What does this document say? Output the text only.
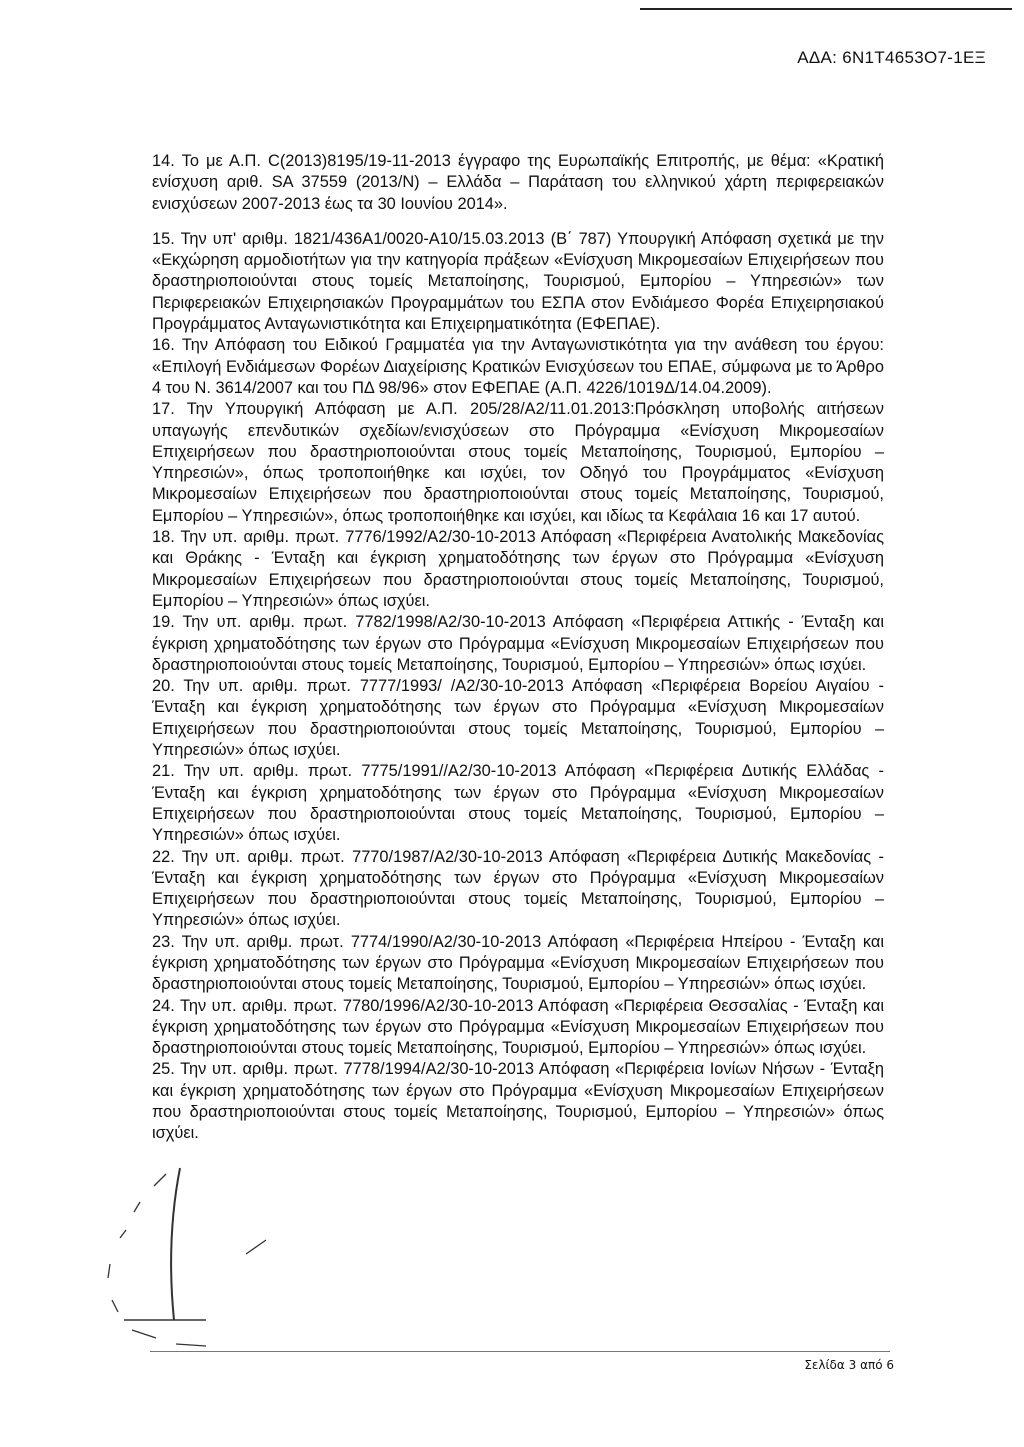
ΑΔΑ: 6Ν1Τ4653Ο7-1ΕΞ

14. Το με Α.Π. C(2013)8195/19-11-2013 έγγραφο της Ευρωπαϊκής Επιτροπής, με θέμα: «Κρατική ενίσχυση αριθ. SA 37559 (2013/N) – Ελλάδα – Παράταση του ελληνικού χάρτη περιφερειακών ενισχύσεων 2007-2013 έως τα 30 Ιουνίου 2014».

15. Την υπ' αριθμ. 1821/436Α1/0020-Α10/15.03.2013 (Β΄ 787) Υπουργική Απόφαση σχετικά με την «Εκχώρηση αρμοδιοτήτων για την κατηγορία πράξεων «Ενίσχυση Μικρομεσαίων Επιχειρήσεων που δραστηριοποιούνται στους τομείς Μεταποίησης, Τουρισμού, Εμπορίου – Υπηρεσιών» των Περιφερειακών Επιχειρησιακών Προγραμμάτων του ΕΣΠΑ στον Ενδιάμεσο Φορέα Επιχειρησιακού Προγράμματος Ανταγωνιστικότητα και Επιχειρηματικότητα (ΕΦΕΠΑΕ).

16. Την Απόφαση του Ειδικού Γραμματέα για την Ανταγωνιστικότητα για την ανάθεση του έργου: «Επιλογή Ενδιάμεσων Φορέων Διαχείρισης Κρατικών Ενισχύσεων του ΕΠΑΕ, σύμφωνα με το Άρθρο 4 του Ν. 3614/2007 και του ΠΔ 98/96» στον ΕΦΕΠΑΕ (Α.Π. 4226/1019Δ/14.04.2009).

17. Την Υπουργική Απόφαση με Α.Π. 205/28/Α2/11.01.2013:Πρόσκληση υποβολής αιτήσεων υπαγωγής επενδυτικών σχεδίων/ενισχύσεων στο Πρόγραμμα «Ενίσχυση Μικρομεσαίων Επιχειρήσεων που δραστηριοποιούνται στους τομείς Μεταποίησης, Τουρισμού, Εμπορίου – Υπηρεσιών», όπως τροποποιήθηκε και ισχύει, τον Οδηγό του Προγράμματος «Ενίσχυση Μικρομεσαίων Επιχειρήσεων που δραστηριοποιούνται στους τομείς Μεταποίησης, Τουρισμού, Εμπορίου – Υπηρεσιών», όπως τροποποιήθηκε και ισχύει, και ιδίως τα Κεφάλαια 16 και 17 αυτού.

18. Την υπ. αριθμ. πρωτ. 7776/1992/Α2/30-10-2013 Απόφαση «Περιφέρεια Ανατολικής Μακεδονίας και Θράκης - Ένταξη και έγκριση χρηματοδότησης των έργων στο Πρόγραμμα «Ενίσχυση Μικρομεσαίων Επιχειρήσεων που δραστηριοποιούνται στους τομείς Μεταποίησης, Τουρισμού, Εμπορίου – Υπηρεσιών» όπως ισχύει.

19. Την υπ. αριθμ. πρωτ. 7782/1998/Α2/30-10-2013 Απόφαση «Περιφέρεια Αττικής - Ένταξη και έγκριση χρηματοδότησης των έργων στο Πρόγραμμα «Ενίσχυση Μικρομεσαίων Επιχειρήσεων που δραστηριοποιούνται στους τομείς Μεταποίησης, Τουρισμού, Εμπορίου – Υπηρεσιών» όπως ισχύει.

20. Την υπ. αριθμ. πρωτ. 7777/1993/ /Α2/30-10-2013 Απόφαση «Περιφέρεια Βορείου Αιγαίου - Ένταξη και έγκριση χρηματοδότησης των έργων στο Πρόγραμμα «Ενίσχυση Μικρομεσαίων Επιχειρήσεων που δραστηριοποιούνται στους τομείς Μεταποίησης, Τουρισμού, Εμπορίου – Υπηρεσιών» όπως ισχύει.

21. Την υπ. αριθμ. πρωτ. 7775/1991//Α2/30-10-2013 Απόφαση «Περιφέρεια Δυτικής Ελλάδας - Ένταξη και έγκριση χρηματοδότησης των έργων στο Πρόγραμμα «Ενίσχυση Μικρομεσαίων Επιχειρήσεων που δραστηριοποιούνται στους τομείς Μεταποίησης, Τουρισμού, Εμπορίου – Υπηρεσιών» όπως ισχύει.

22. Την υπ. αριθμ. πρωτ. 7770/1987/Α2/30-10-2013 Απόφαση «Περιφέρεια Δυτικής Μακεδονίας - Ένταξη και έγκριση χρηματοδότησης των έργων στο Πρόγραμμα «Ενίσχυση Μικρομεσαίων Επιχειρήσεων που δραστηριοποιούνται στους τομείς Μεταποίησης, Τουρισμού, Εμπορίου – Υπηρεσιών» όπως ισχύει.

23. Την υπ. αριθμ. πρωτ. 7774/1990/Α2/30-10-2013 Απόφαση «Περιφέρεια Ηπείρου - Ένταξη και έγκριση χρηματοδότησης των έργων στο Πρόγραμμα «Ενίσχυση Μικρομεσαίων Επιχειρήσεων που δραστηριοποιούνται στους τομείς Μεταποίησης, Τουρισμού, Εμπορίου – Υπηρεσιών» όπως ισχύει.

24. Την υπ. αριθμ. πρωτ. 7780/1996/Α2/30-10-2013 Απόφαση «Περιφέρεια Θεσσαλίας - Ένταξη και έγκριση χρηματοδότησης των έργων στο Πρόγραμμα «Ενίσχυση Μικρομεσαίων Επιχειρήσεων που δραστηριοποιούνται στους τομείς Μεταποίησης, Τουρισμού, Εμπορίου – Υπηρεσιών» όπως ισχύει.

25. Την υπ. αριθμ. πρωτ. 7778/1994/Α2/30-10-2013 Απόφαση «Περιφέρεια Ιονίων Νήσων - Ένταξη και έγκριση χρηματοδότησης των έργων στο Πρόγραμμα «Ενίσχυση Μικρομεσαίων Επιχειρήσεων που δραστηριοποιούνται στους τομείς Μεταποίησης, Τουρισμού, Εμπορίου – Υπηρεσιών» όπως ισχύει.

Σελίδα 3 από 6
